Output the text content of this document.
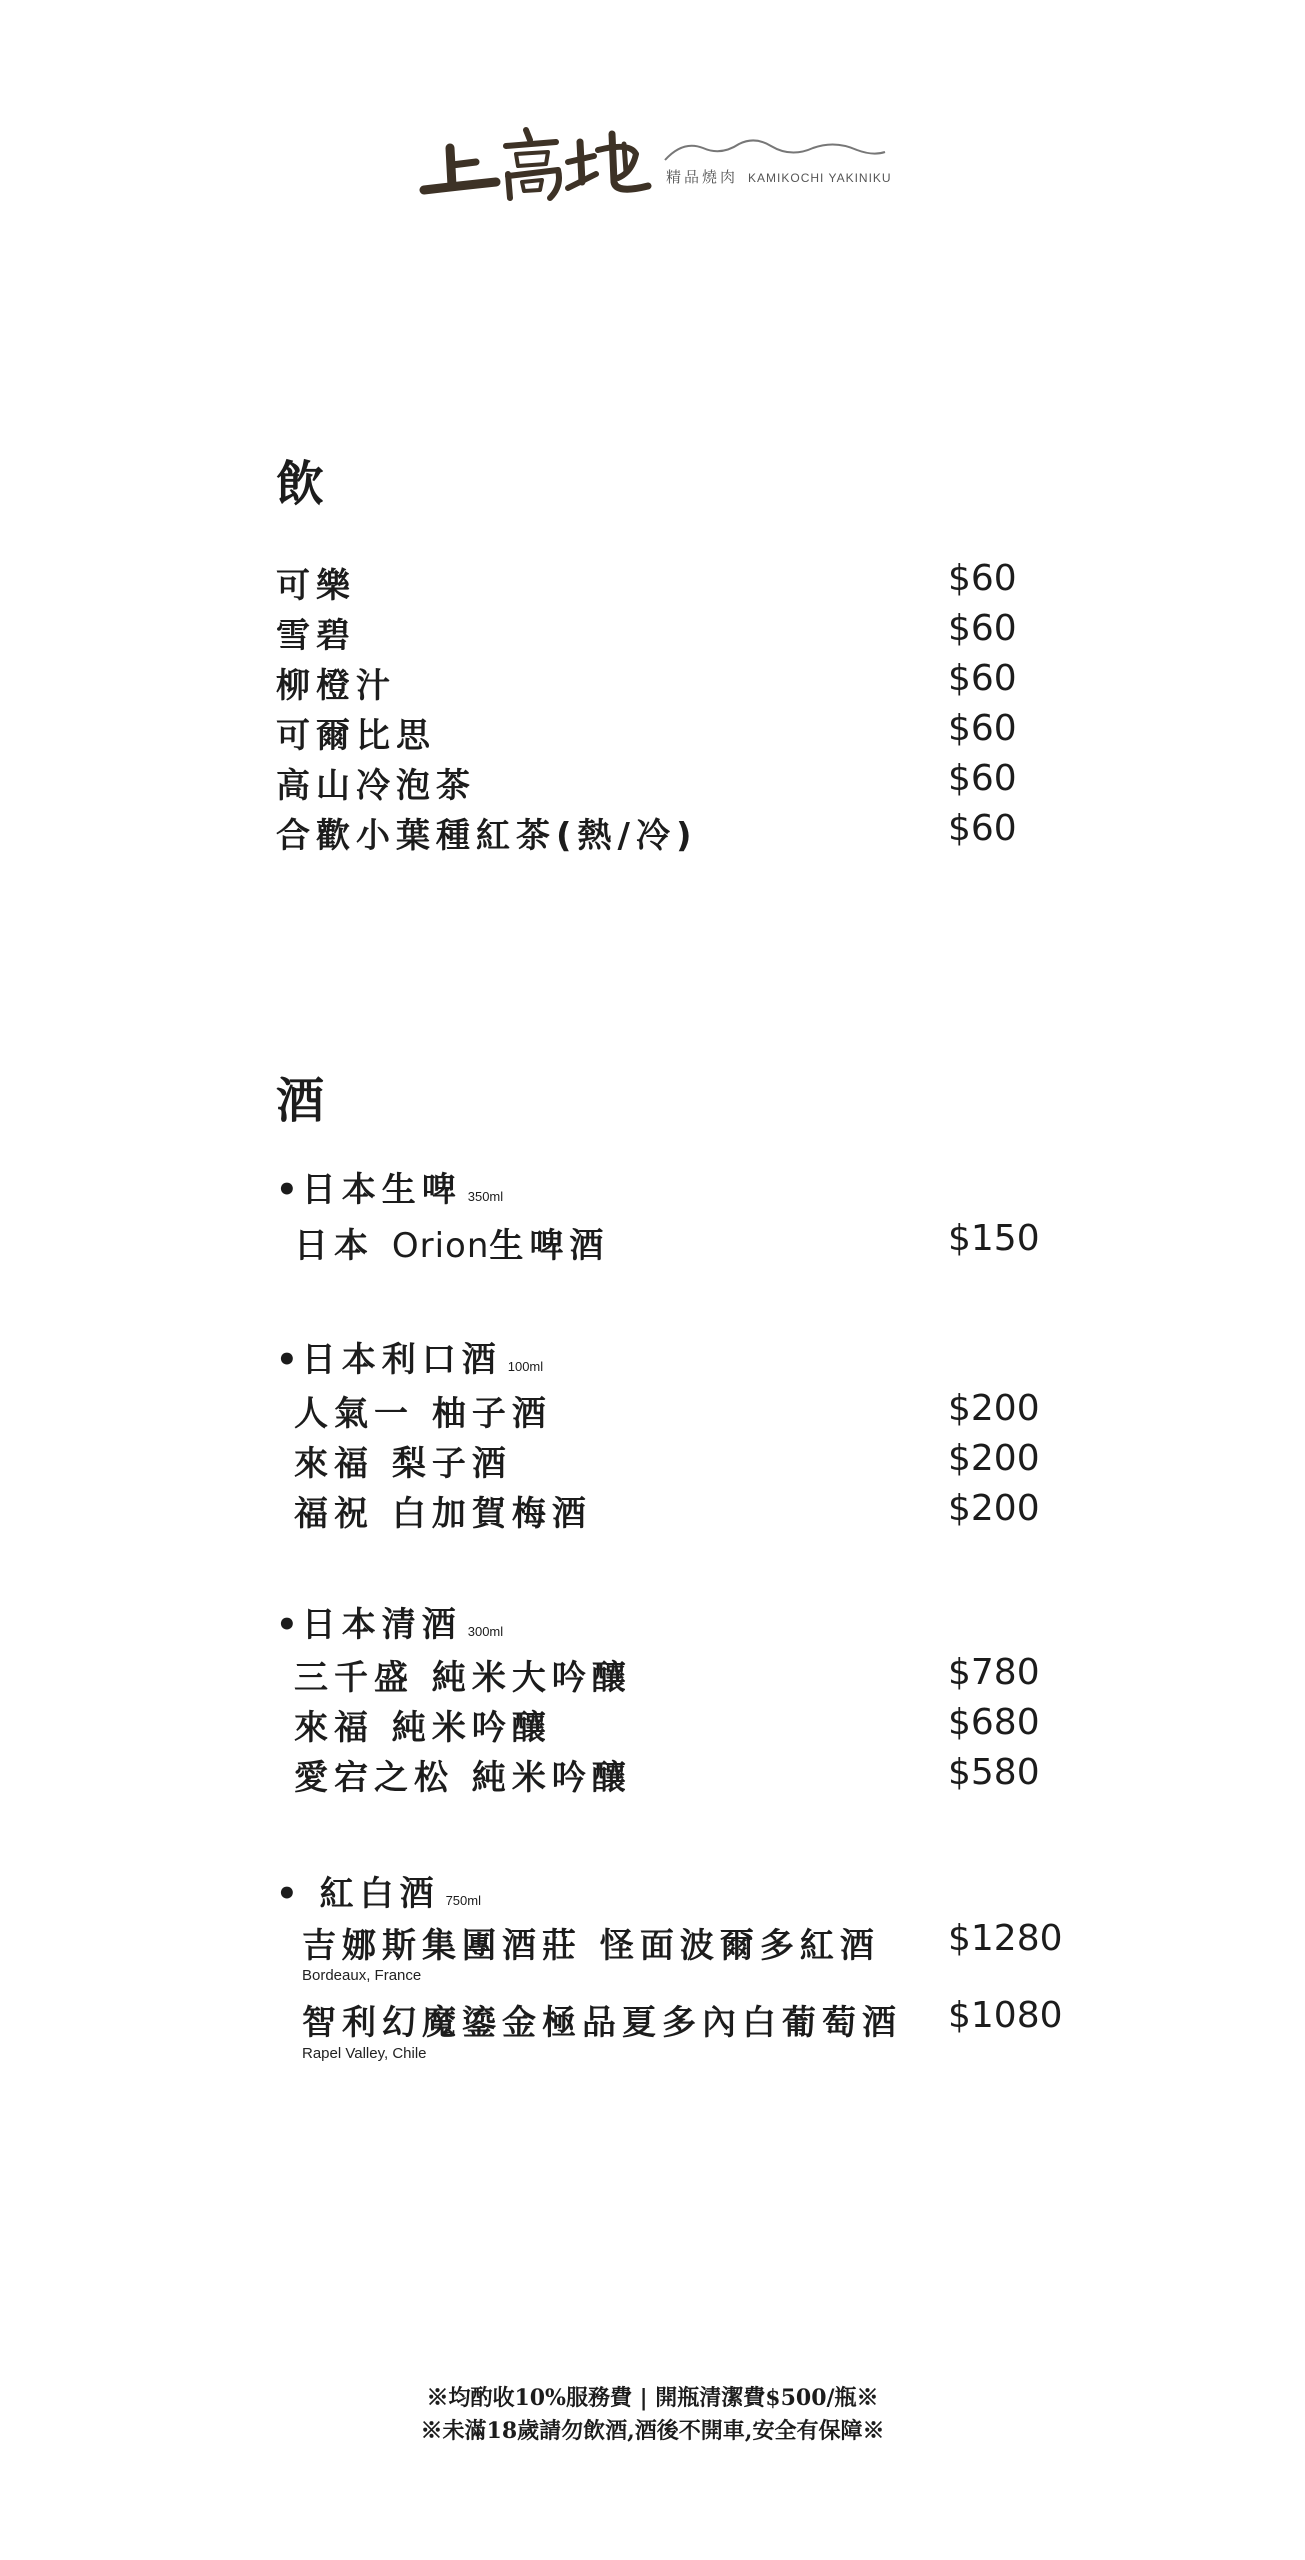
精品燒肉 KAMIKOCHI YAKINIKU
飲
可樂	$60
雪碧	$60
柳橙汁	$60
可爾比思	$60
高山冷泡茶	$60
合歡小葉種紅茶(熱/冷)	$60
酒
• 日本生啤 350ml
日本 Orion生啤酒	$150
• 日本利口酒 100ml
人氣一 柚子酒	$200
來福 梨子酒	$200
福祝 白加賀梅酒	$200
• 日本清酒 300ml
三千盛 純米大吟釀	$780
來福 純米吟釀	$680
愛宕之松 純米吟釀	$580
• 紅白酒 750ml
吉娜斯集團酒莊 怪面波爾多紅酒 $1280
Bordeaux, France
智利幻魔鎏金極品夏多內白葡萄酒 $1080
Rapel Valley, Chile
※均酌收10%服務費 | 開瓶清潔費$500/瓶※
※未滿18歲請勿飲酒,酒後不開車,安全有保障※
